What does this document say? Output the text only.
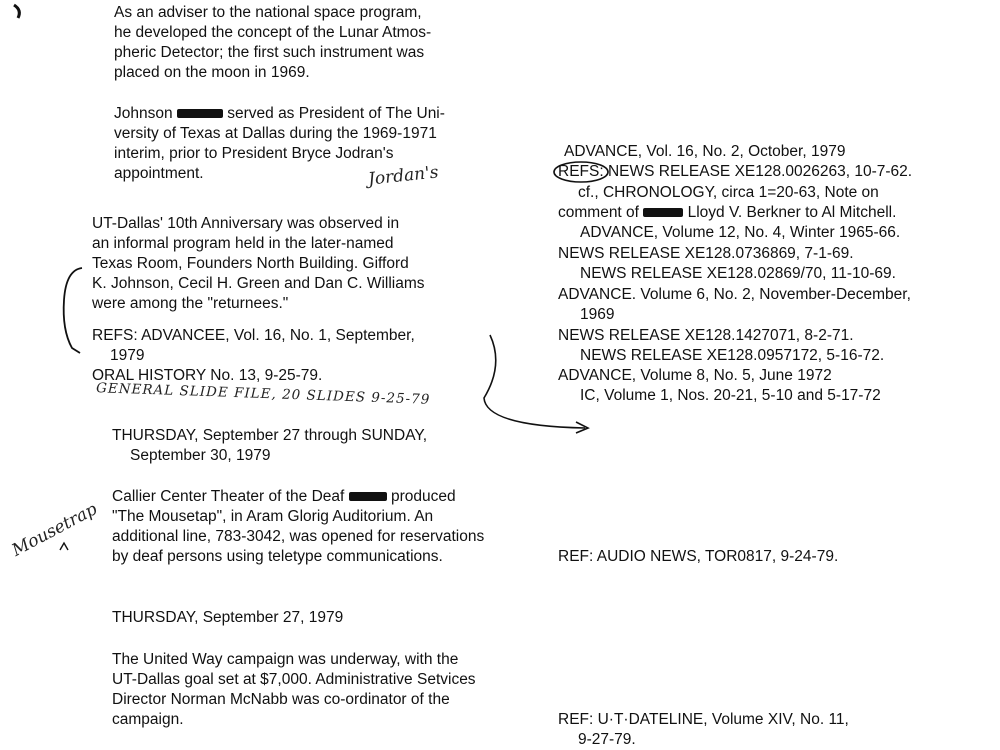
As an adviser to the national space program,
he developed the concept of the Lunar Atmos-
pheric Detector; the first such instrument was
placed on the moon in 1969.
Johnson	served as President of The Uni-
versity of Texas at Dallas during the 1969-1971
interim, prior to President Bryce Jodran's
appointment.	Jordan's
UT-Dallas' 10th Anniversary was observed in
an informal program held in the later-named
Texas Room, Founders North Building. Gifford
K. Johnson, Cecil H. Green and Dan C. Williams
were among the "returnees."
REFS: ADVANCEЕ, Vol. 16, No. 1, September,
1979
ORAL HISTORY No. 13, 9-25-79.
GENERAL SLIDE FILE, 20 SLIDES 9-25-79
THURSDAY, September 27 through SUNDAY,
September 30, 1979
Callier Center Theater of the Deaf	produced
"The Mousetap", in Aram Glorig Auditorium. An
additional line, 783-3042, was opened for reservations
by deaf persons using teletype communications.
Mousetrap
THURSDAY, September 27, 1979
The United Way campaign was underway, with the
UT-Dallas goal set at $7,000. Administrative Setvices
Director Norman McNabb was co-ordinator of the
campaign.
ADVANCE, Vol. 16, No. 2, October, 1979
REFS: NEWS RELEASE XE128.0026263, 10-7-62.
cf., CHRONOLOGY, circa 1=20-63, Note on
comment of	Lloyd V. Berkner to Al Mitchell.
ADVANCE, Volume 12, No. 4, Winter 1965-66.
NEWS RELEASE XE128.0736869, 7-1-69.
NEWS RELEASE XE128.02869/70, 11-10-69.
ADVANCE. Volume 6, No. 2, November-December,
1969
NEWS RELEASE XE128.1427071, 8-2-71.
NEWS RELEASE XE128.0957172, 5-16-72.
ADVANCE, Volume 8, No. 5, June 1972
IC, Volume 1, Nos. 20-21, 5-10 and 5-17-72
REF: AUDIO NEWS, TOR0817, 9-24-79.
REF: U·T·DATELINE, Volume XIV, No. 11,
9-27-79.
